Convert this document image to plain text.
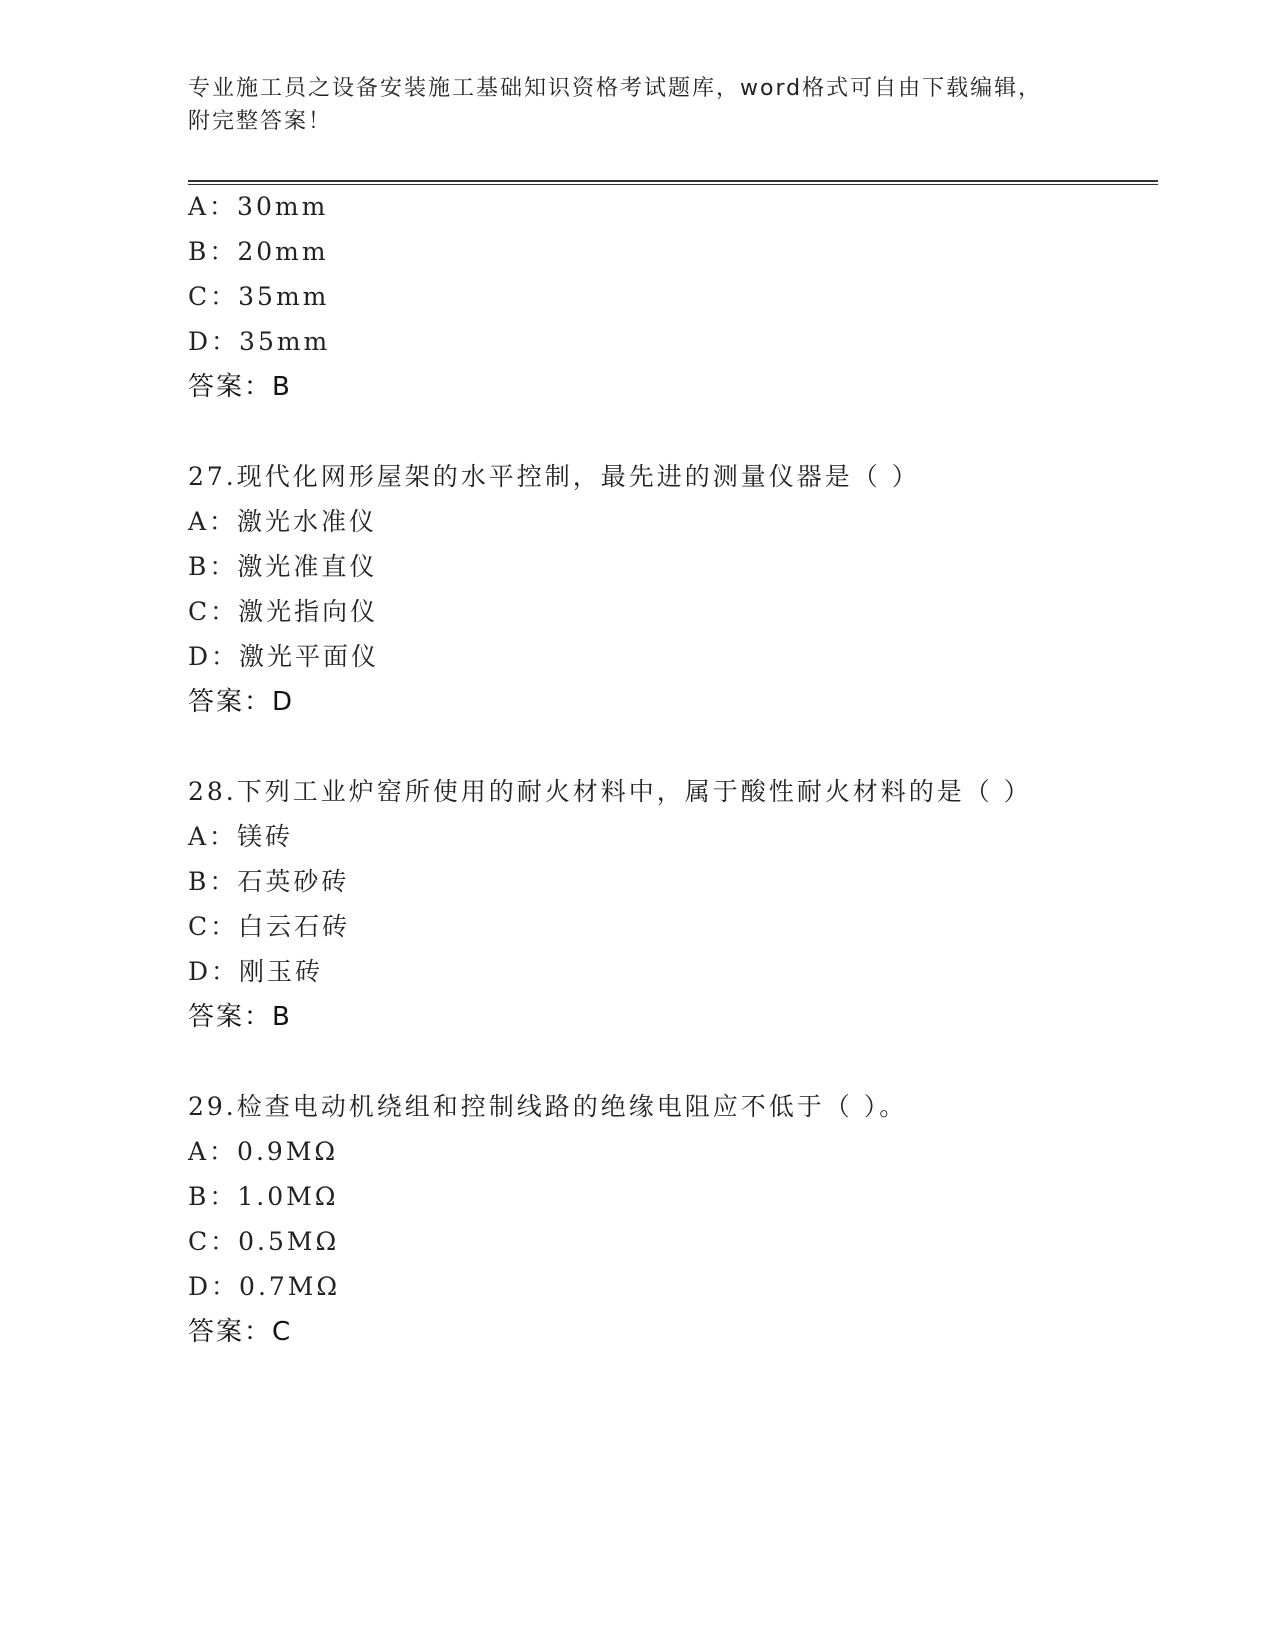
专业施工员之设备安装施工基础知识资格考试题库，word格式可自由下载编辑，
附完整答案！
A：30mm
B：20mm
C：35mm
D：35mm
答案：B
27.现代化网形屋架的水平控制，最先进的测量仪器是（ ）
A：激光水准仪
B：激光准直仪
C：激光指向仪
D：激光平面仪
答案：D
28.下列工业炉窑所使用的耐火材料中，属于酸性耐火材料的是（ ）
A：镁砖
B：石英砂砖
C：白云石砖
D：刚玉砖
答案：B
29.检查电动机绕组和控制线路的绝缘电阻应不低于（ ）。
A：0.9MΩ
B：1.0MΩ
C：0.5MΩ
D：0.7MΩ
答案：C
